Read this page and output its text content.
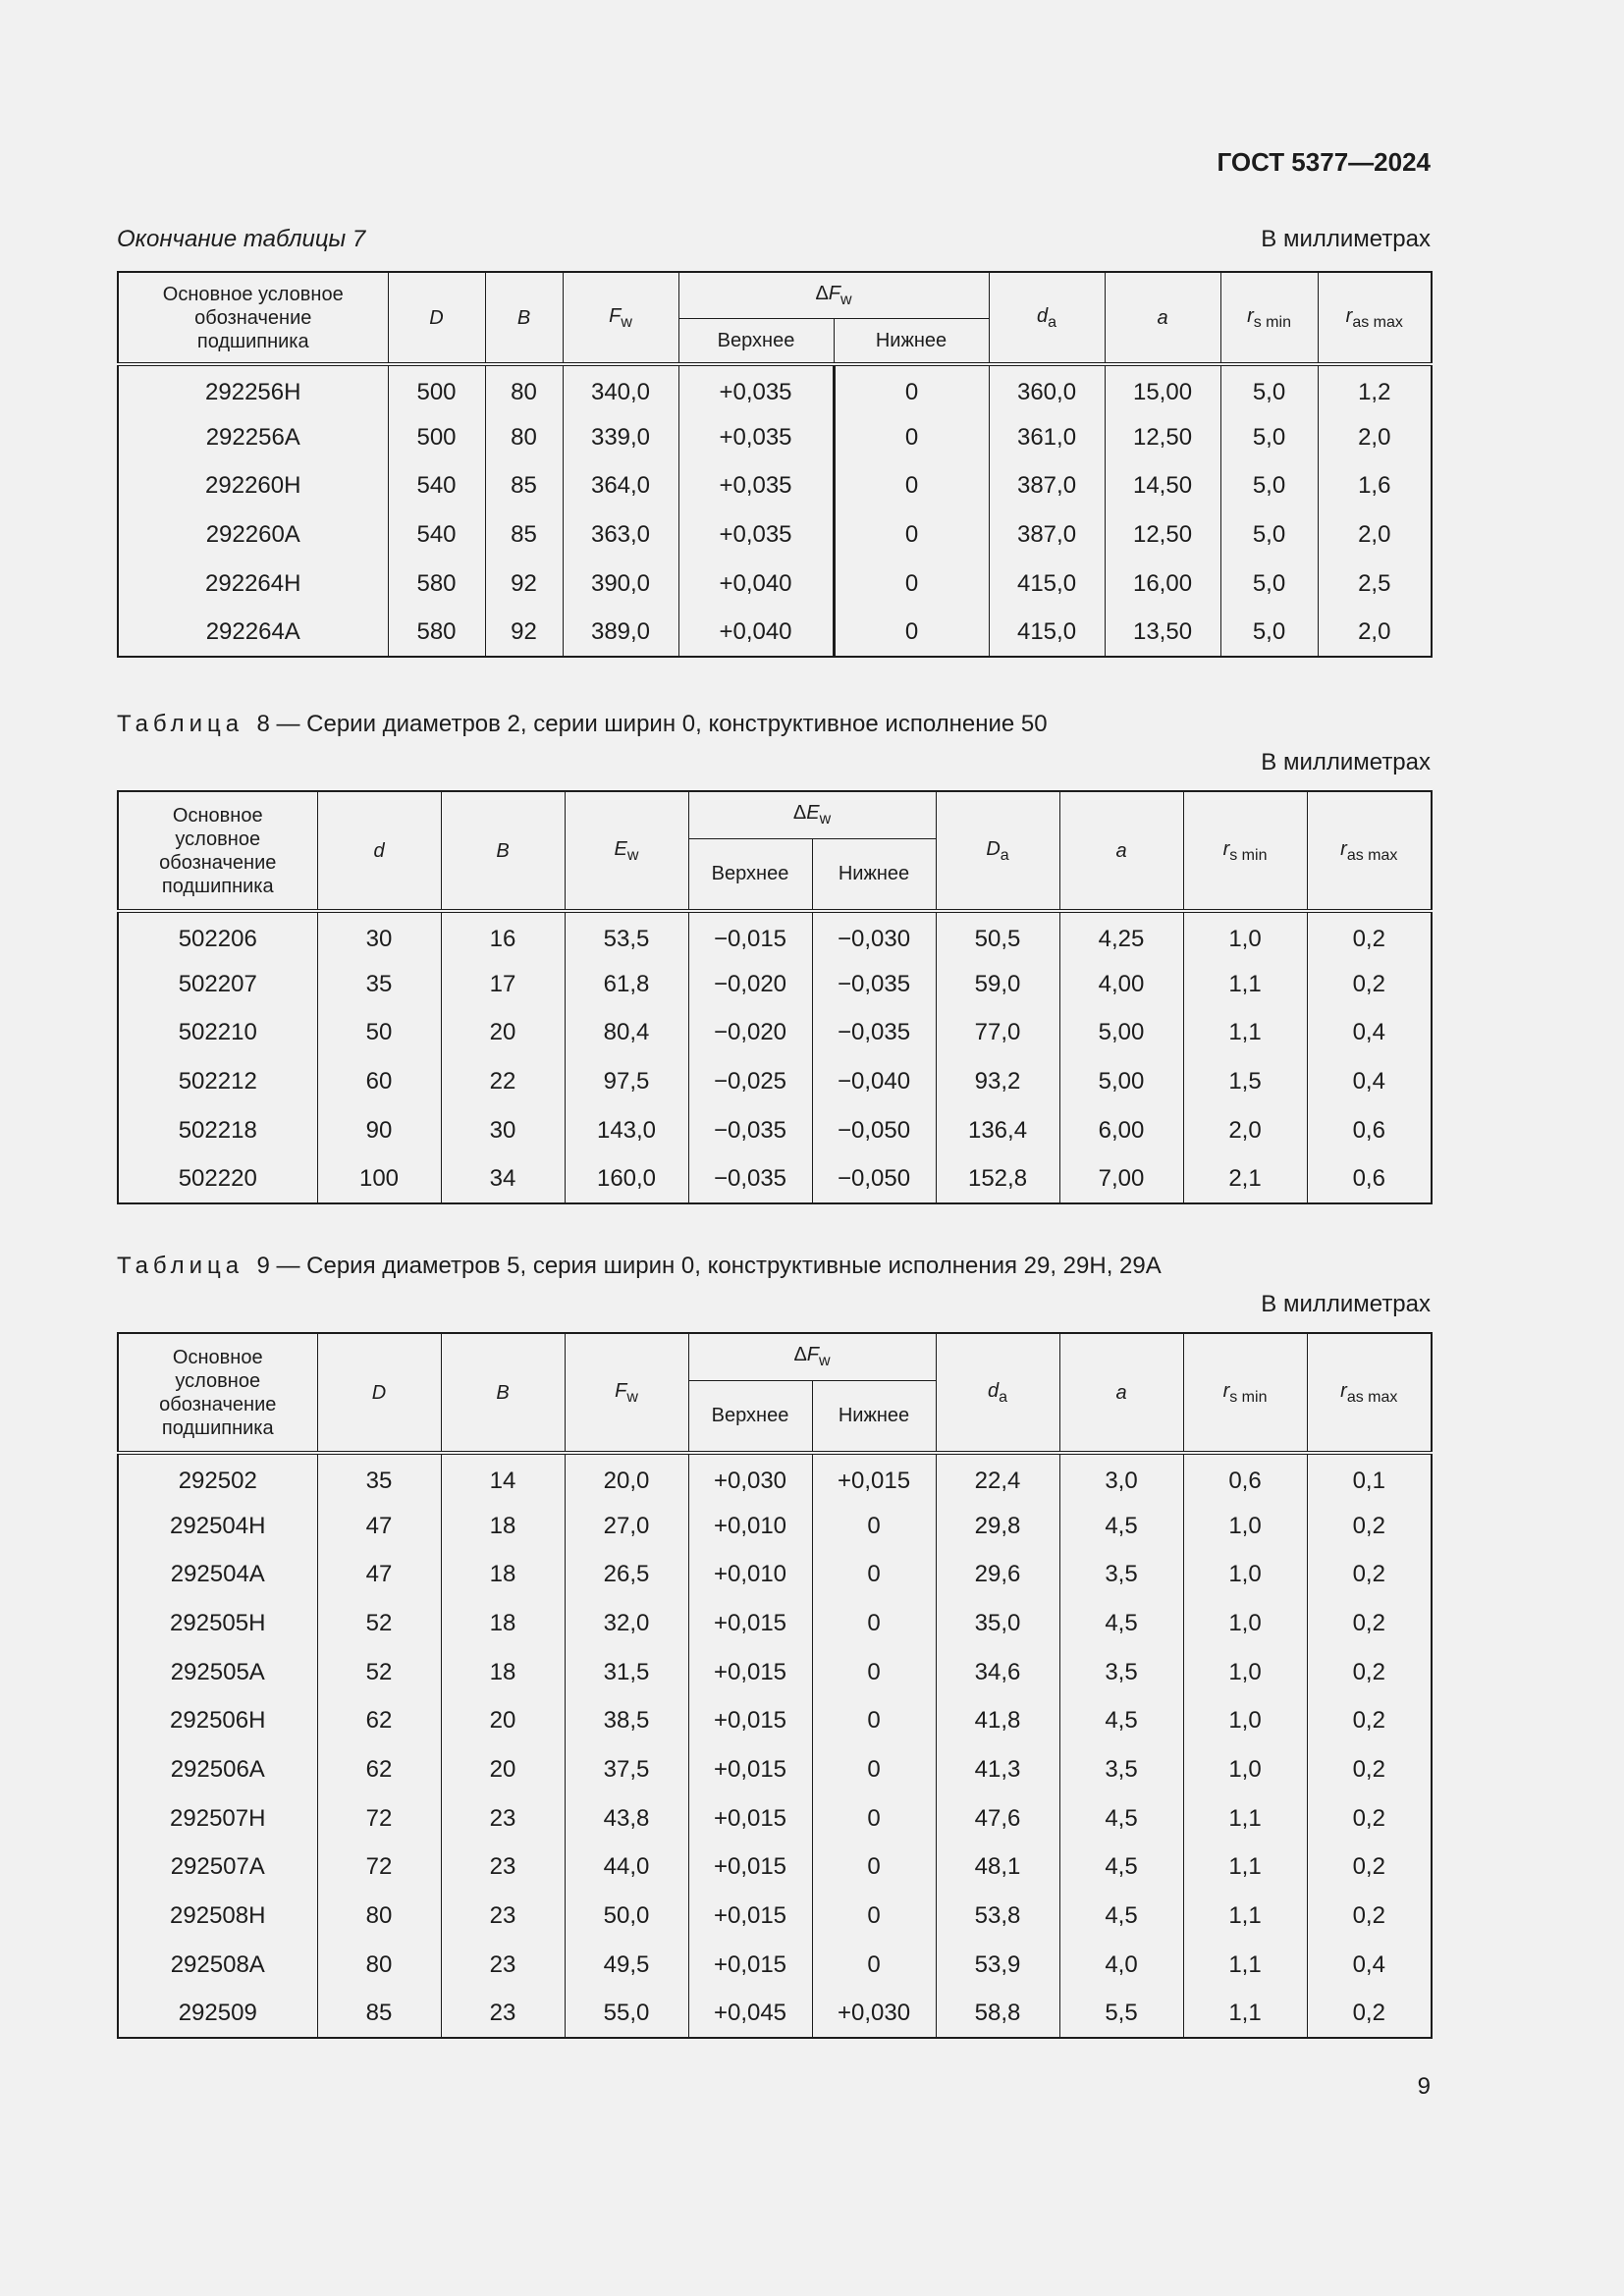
ГОСТ 5377—2024
Окончание таблицы 7	В миллиметрах
Основное условное обозначение подшипника	D	B	$F_w$	$\Delta F_w$		$d_a$	a	$r_{s min}$	$r_{as max}$
				Верхнее	Нижнее				
292256H	500	80	340,0	+0,035	0	360,0	15,00	5,0	1,2
292256A	500	80	339,0	+0,035	0	361,0	12,50	5,0	2,0
292260H	540	85	364,0	+0,035	0	387,0	14,50	5,0	1,6
292260A	540	85	363,0	+0,035	0	387,0	12,50	5,0	2,0
292264H	580	92	390,0	+0,040	0	415,0	16,00	5,0	2,5
292264A	580	92	389,0	+0,040	0	415,0	13,50	5,0	2,0
Таблица 8 — Серии диаметров 2, серии ширин 0, конструктивное исполнение 50
В миллиметрах
Основное
условное
обозначение
подшипника	d	B	$E_w$	$\Delta E_w$		$D_a$	a	$r_{s min}$	$r_{as max}$
				Верхнее	Нижнее				
502206	30	16	53,5	−0,015	−0,030	50,5	4,25	1,0	0,2
502207	35	17	61,8	−0,020	−0,035	59,0	4,00	1,1	0,2
502210	50	20	80,4	−0,020	−0,035	77,0	5,00	1,1	0,4
502212	60	22	97,5	−0,025	−0,040	93,2	5,00	1,5	0,4
502218	90	30	143,0	−0,035	−0,050	136,4	6,00	2,0	0,6
502220	100	34	160,0	−0,035	−0,050	152,8	7,00	2,1	0,6
Таблица 9 — Серия диаметров 5, серия ширин 0, конструктивные исполнения 29, 29H, 29A
В миллиметрах
Основное
условное
обозначение
подшипника	D	B	$F_w$	$\Delta F_w$		$d_a$	a	$r_{s min}$	$r_{as max}$
				Верхнее	Нижнее				
292502	35	14	20,0	+0,030	+0,015	22,4	3,0	0,6	0,1
292504H	47	18	27,0	+0,010	0	29,8	4,5	1,0	0,2
292504A	47	18	26,5	+0,010	0	29,6	3,5	1,0	0,2
292505H	52	18	32,0	+0,015	0	35,0	4,5	1,0	0,2
292505A	52	18	31,5	+0,015	0	34,6	3,5	1,0	0,2
292506H	62	20	38,5	+0,015	0	41,8	4,5	1,0	0,2
292506A	62	20	37,5	+0,015	0	41,3	3,5	1,0	0,2
292507H	72	23	43,8	+0,015	0	47,6	4,5	1,1	0,2
292507A	72	23	44,0	+0,015	0	48,1	4,5	1,1	0,2
292508H	80	23	50,0	+0,015	0	53,8	4,5	1,1	0,2
292508A	80	23	49,5	+0,015	0	53,9	4,0	1,1	0,4
292509	85	23	55,0	+0,045	+0,030	58,8	5,5	1,1	0,2
9
